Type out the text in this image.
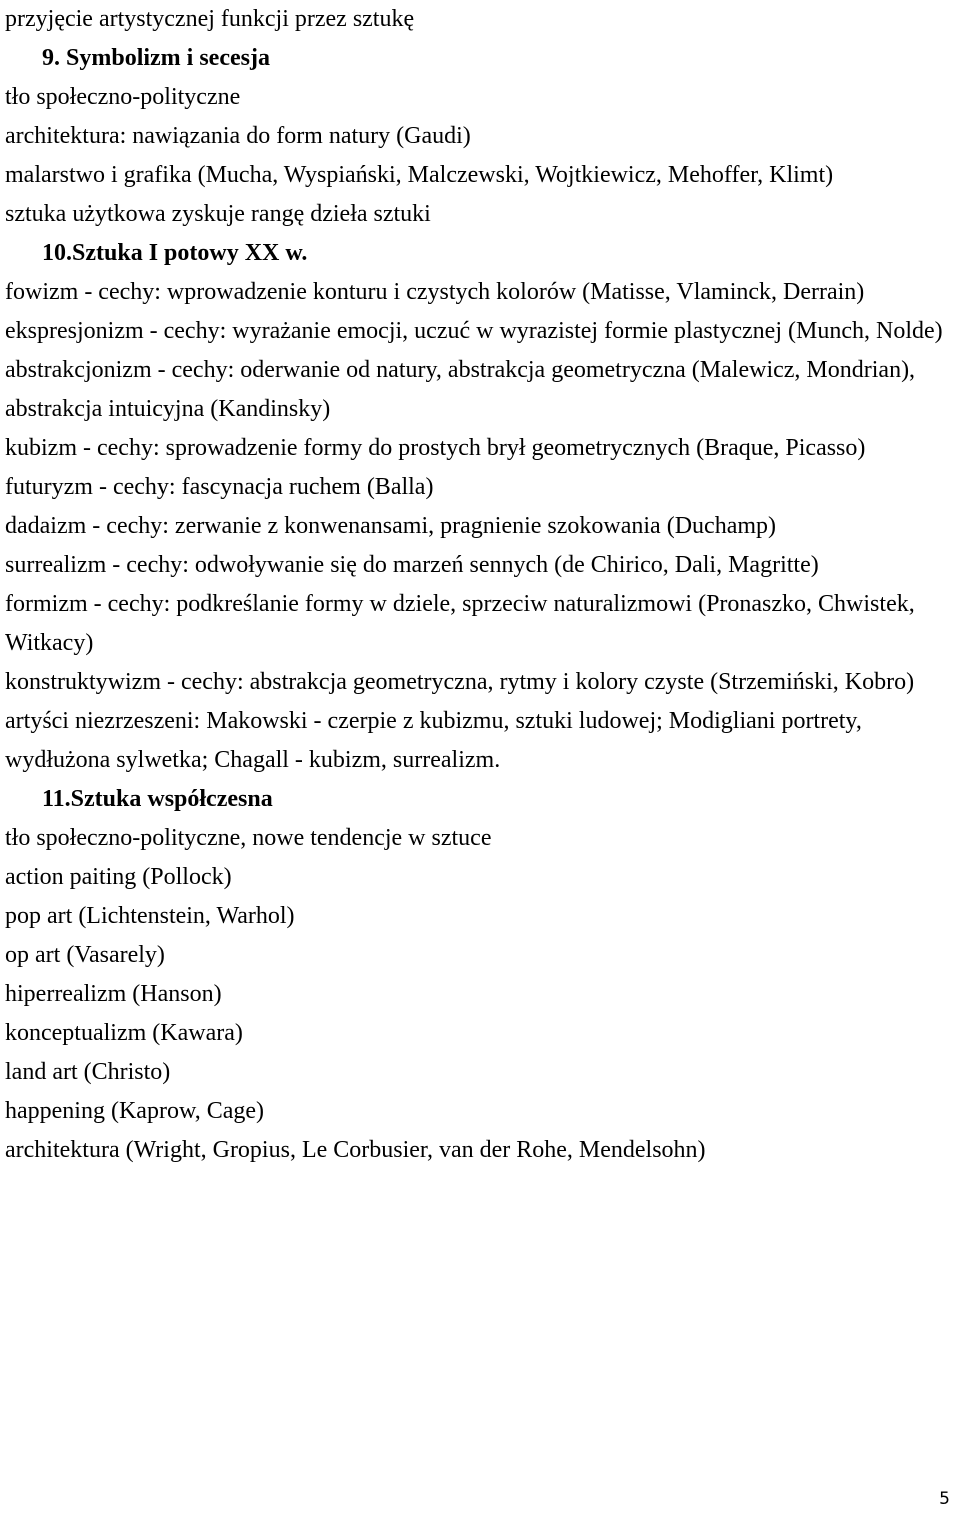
przyjęcie artystycznej funkcji przez sztukę
9. Symbolizm i secesja
tło społeczno-polityczne
architektura: nawiązania do form natury (Gaudi)
malarstwo i grafika (Mucha, Wyspiański, Malczewski, Wojtkiewicz, Mehoffer, Klimt)
sztuka użytkowa zyskuje rangę dzieła sztuki
10.Sztuka I potowy XX w.
fowizm - cechy: wprowadzenie konturu i czystych kolorów (Matisse, Vlaminck, Derrain)
ekspresjonizm - cechy: wyrażanie emocji, uczuć w wyrazistej formie plastycznej (Munch, Nolde)
abstrakcjonizm - cechy: oderwanie od natury, abstrakcja geometryczna (Malewicz, Mondrian), abstrakcja intuicyjna (Kandinsky)
kubizm - cechy: sprowadzenie formy do prostych brył geometrycznych (Braque, Picasso)
futuryzm - cechy: fascynacja ruchem (Balla)
dadaizm - cechy: zerwanie z konwenansami, pragnienie szokowania (Duchamp)
surrealizm - cechy: odwoływanie się do marzeń sennych (de Chirico, Dali, Magritte)
formizm - cechy: podkreślanie formy w dziele, sprzeciw naturalizmowi (Pronaszko, Chwistek, Witkacy)
konstruktywizm - cechy: abstrakcja geometryczna, rytmy i kolory czyste (Strzemiński, Kobro)
artyści niezrzeszeni: Makowski - czerpie z kubizmu, sztuki ludowej; Modigliani portrety, wydłużona sylwetka; Chagall - kubizm, surrealizm.
11.Sztuka współczesna
tło społeczno-polityczne, nowe tendencje w sztuce
action paiting (Pollock)
pop art (Lichtenstein, Warhol)
op art (Vasarely)
hiperrealizm (Hanson)
konceptualizm (Kawara)
land art (Christo)
happening (Kaprow, Cage)
architektura (Wright, Gropius, Le Corbusier, van der Rohe, Mendelsohn)
5
